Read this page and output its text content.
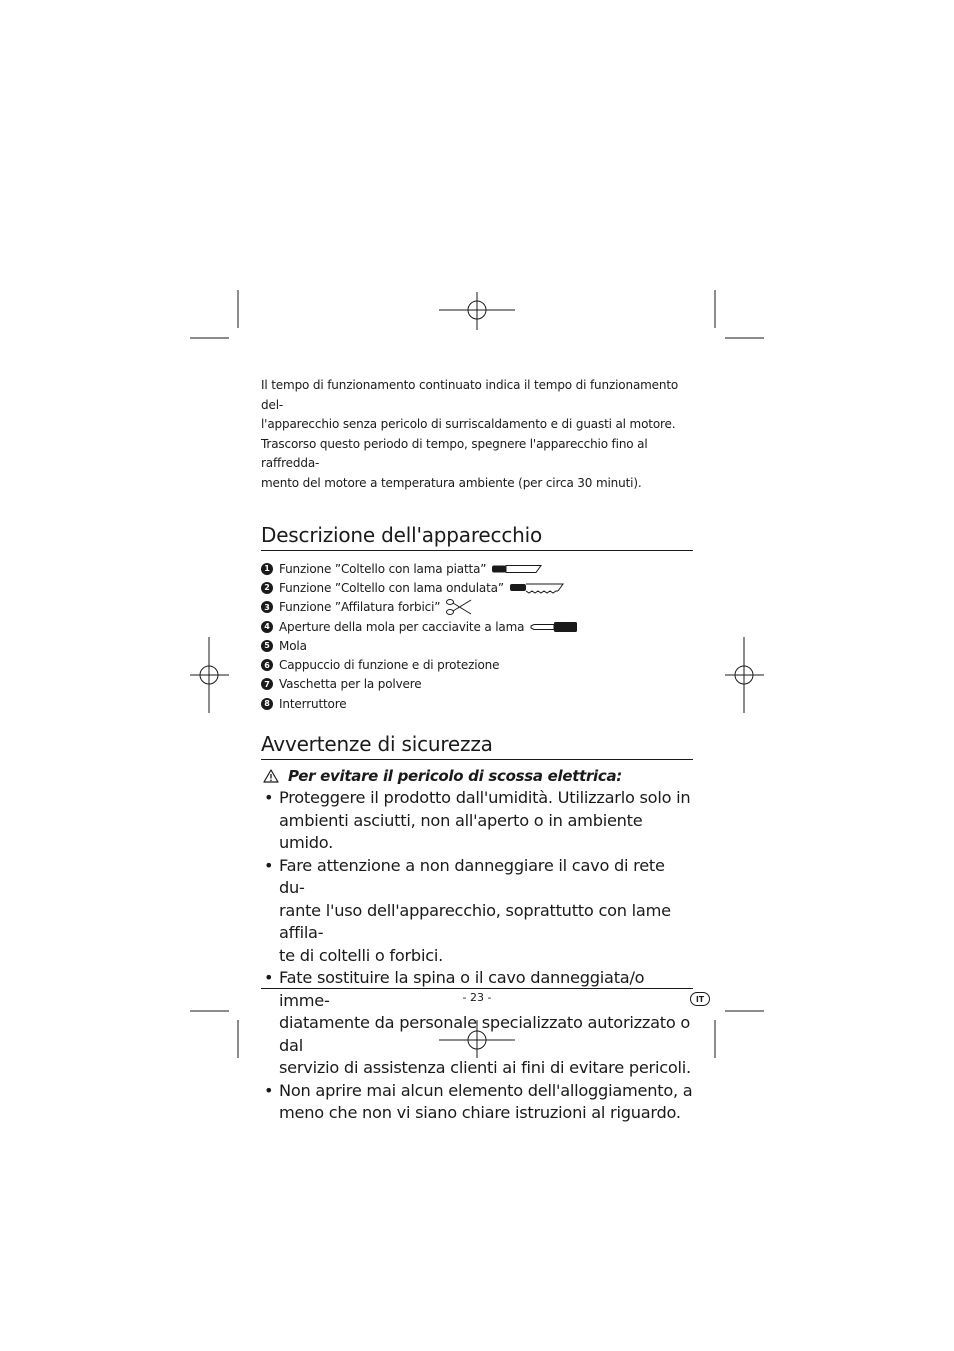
Il tempo di funzionamento continuato indica il tempo di funzionamento del-

l'apparecchio senza pericolo di surriscaldamento e di guasti al motore.

Trascorso questo periodo di tempo, spegnere l'apparecchio fino al raffredda-

mento del motore a temperatura ambiente (per circa 30 minuti).

Descrizione dell'apparecchio
1 Funzione ”Coltello con lama piatta”
2 Funzione ”Coltello con lama ondulata”
3 Funzione ”Affilatura forbici”
4 Aperture della mola per cacciavite a lama
5 Mola
6 Cappuccio di funzione e di protezione
7 Vaschetta per la polvere
8 Interruttore
Avvertenze di sicurezza
Per evitare il pericolo di scossa elettrica:
• Proteggere il prodotto dall'umidità. Utilizzarlo solo in
ambienti asciutti, non all'aperto o in ambiente umido.
• Fare attenzione a non danneggiare il cavo di rete du-
rante l'uso dell'apparecchio, soprattutto con lame affila-
te di coltelli o forbici.
• Fate sostituire la spina o il cavo danneggiata/o imme-
diatamente da personale specializzato autorizzato o dal
servizio di assistenza clienti ai fini di evitare pericoli.
• Non aprire mai alcun elemento dell'alloggiamento, a
meno che non vi siano chiare istruzioni al riguardo.
- 23 -	IT
